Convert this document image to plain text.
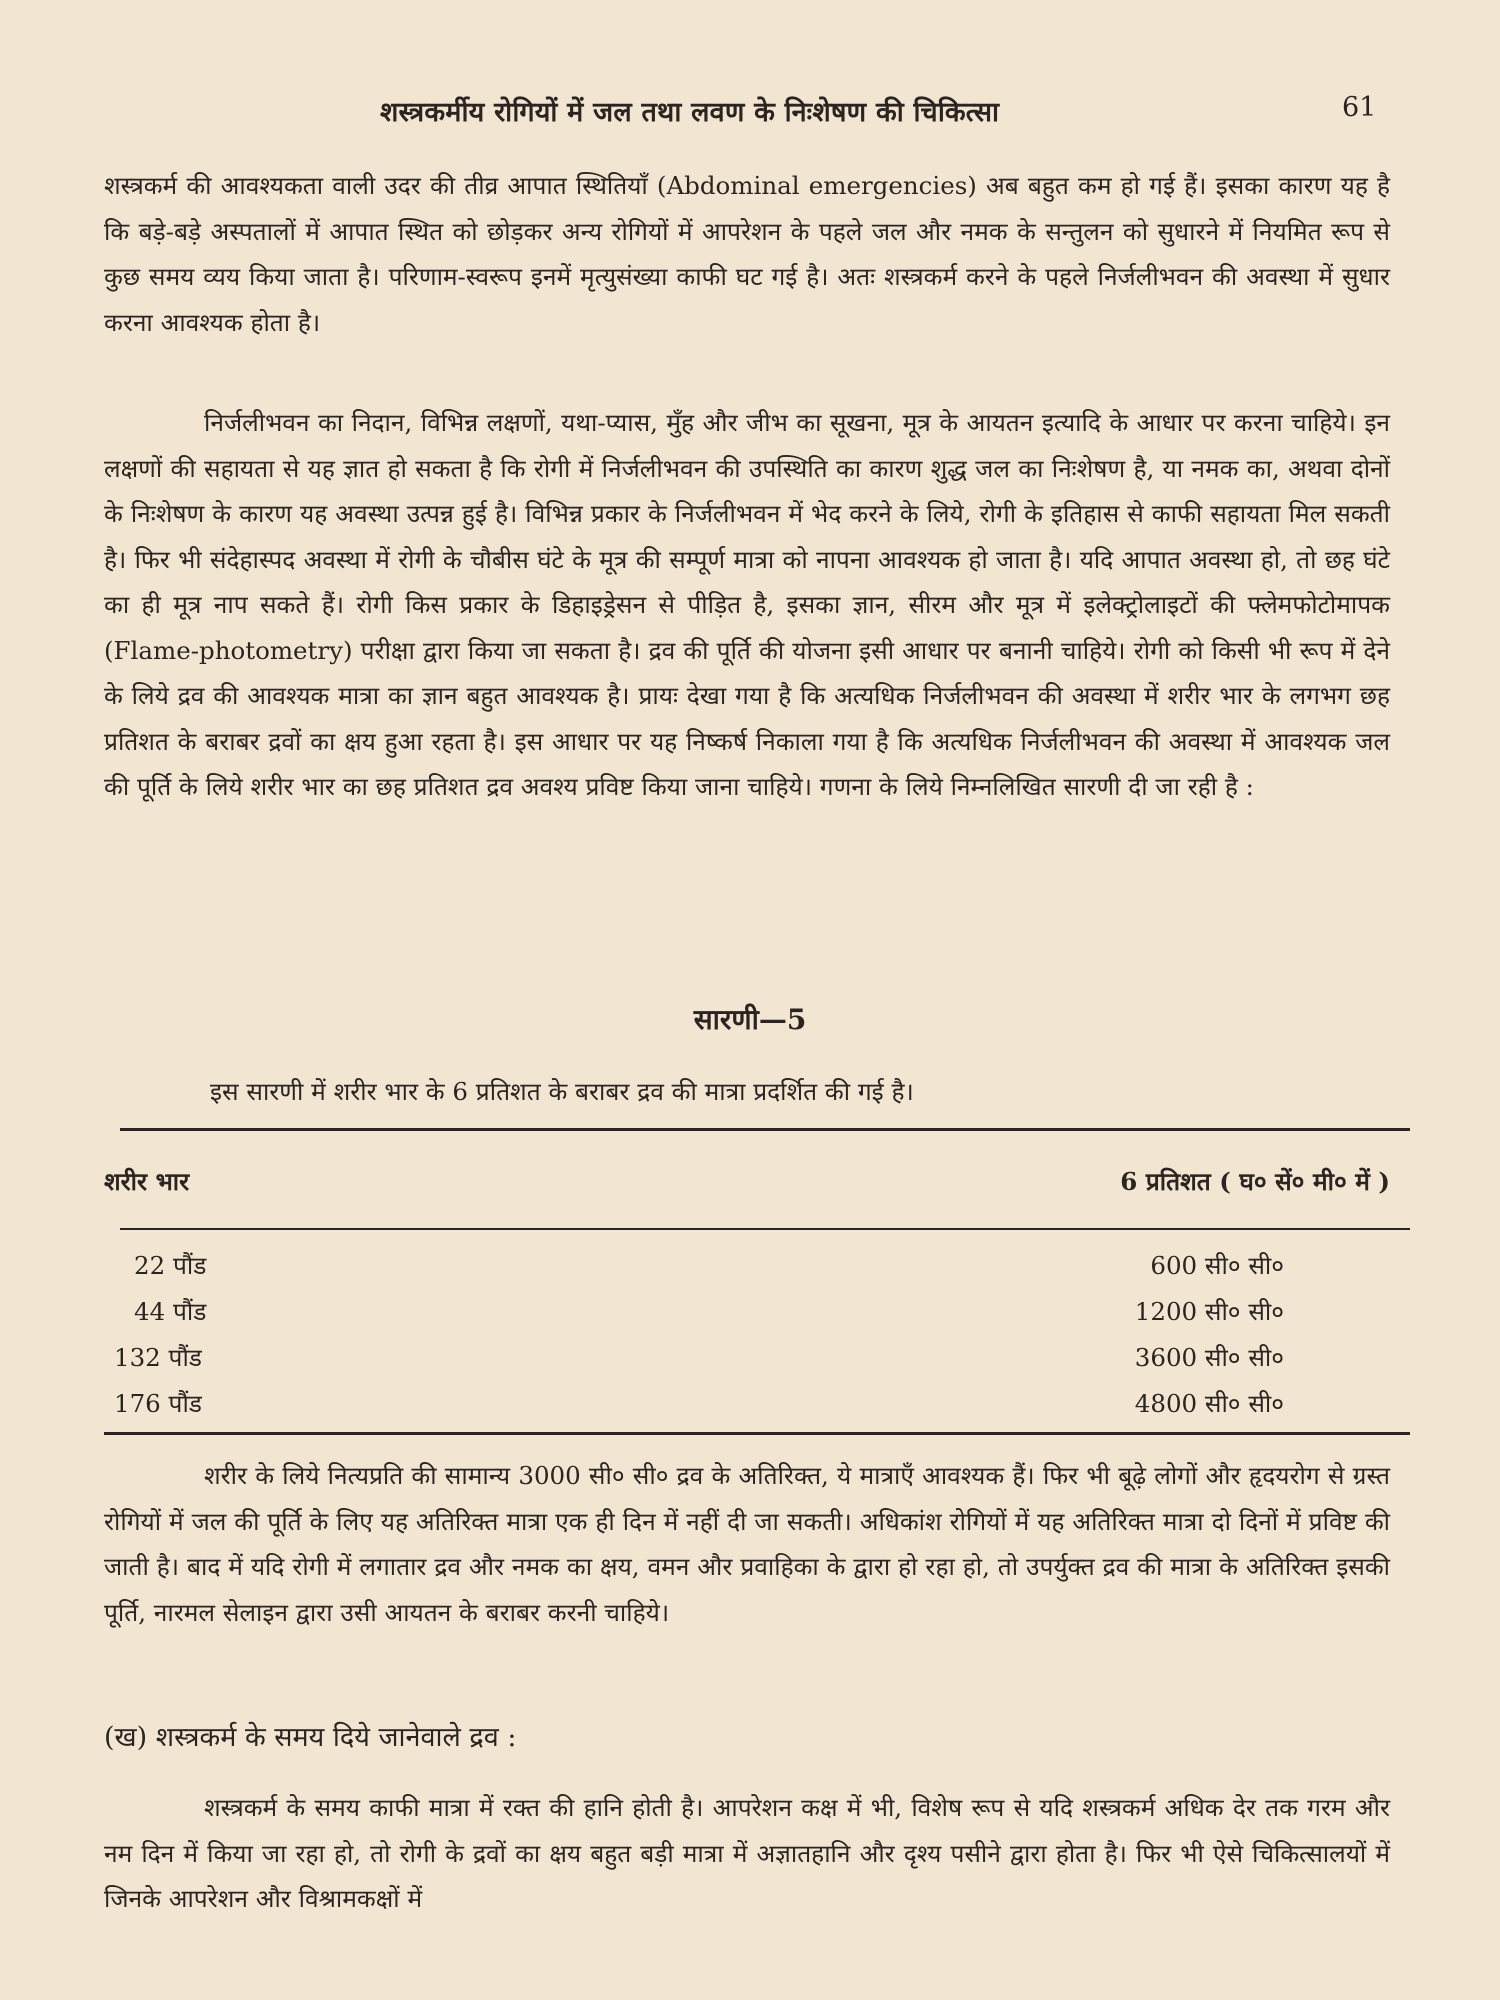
शस्त्रकर्मीय रोगियों में जल तथा लवण के निःशेषण की चिकित्सा	61

शस्त्रकर्म की आवश्यकता वाली उदर की तीव्र आपात स्थितियाँ (Abdominal emergencies) अब बहुत कम हो गई हैं। इसका कारण यह है कि बड़े-बड़े अस्पतालों में आपात स्थित को छोड़कर अन्य रोगियों में आपरेशन के पहले जल और नमक के सन्तुलन को सुधारने में नियमित रूप से कुछ समय व्यय किया जाता है। परिणाम-स्वरूप इनमें मृत्युसंख्या काफी घट गई है। अतः शस्त्रकर्म करने के पहले निर्जलीभवन की अवस्था में सुधार करना आवश्यक होता है।

निर्जलीभवन का निदान, विभिन्न लक्षणों, यथा-प्यास, मुँह और जीभ का सूखना, मूत्र के आयतन इत्यादि के आधार पर करना चाहिये। इन लक्षणों की सहायता से यह ज्ञात हो सकता है कि रोगी में निर्जलीभवन की उपस्थिति का कारण शुद्ध जल का निःशेषण है, या नमक का, अथवा दोनों के निःशेषण के कारण यह अवस्था उत्पन्न हुई है। विभिन्न प्रकार के निर्जलीभवन में भेद करने के लिये, रोगी के इतिहास से काफी सहायता मिल सकती है। फिर भी संदेहास्पद अवस्था में रोगी के चौबीस घंटे के मूत्र की सम्पूर्ण मात्रा को नापना आवश्यक हो जाता है। यदि आपात अवस्था हो, तो छह घंटे का ही मूत्र नाप सकते हैं। रोगी किस प्रकार के डिहाइड्रेसन से पीड़ित है, इसका ज्ञान, सीरम और मूत्र में इलेक्ट्रोलाइटों की फ्लेमफोटोमापक (Flame-photometry) परीक्षा द्वारा किया जा सकता है। द्रव की पूर्ति की योजना इसी आधार पर बनानी चाहिये। रोगी को किसी भी रूप में देने के लिये द्रव की आवश्यक मात्रा का ज्ञान बहुत आवश्यक है। प्रायः देखा गया है कि अत्यधिक निर्जलीभवन की अवस्था में शरीर भार के लगभग छह प्रतिशत के बराबर द्रवों का क्षय हुआ रहता है। इस आधार पर यह निष्कर्ष निकाला गया है कि अत्यधिक निर्जलीभवन की अवस्था में आवश्यक जल की पूर्ति के लिये शरीर भार का छह प्रतिशत द्रव अवश्य प्रविष्ट किया जाना चाहिये। गणना के लिये निम्नलिखित सारणी दी जा रही है :

सारणी—5
इस सारणी में शरीर भार के 6 प्रतिशत के बराबर द्रव की मात्रा प्रदर्शित की गई है।
शरीर भार	6 प्रतिशत ( घ० सें० मी० में )
22 पौंड	600 सी० सी०
44 पौंड	1200 सी० सी०
132 पौंड	3600 सी० सी०
176 पौंड	4800 सी० सी०

शरीर के लिये नित्यप्रति की सामान्य 3000 सी० सी० द्रव के अतिरिक्त, ये मात्राएँ आवश्यक हैं। फिर भी बूढ़े लोगों और हृदयरोग से ग्रस्त रोगियों में जल की पूर्ति के लिए यह अतिरिक्त मात्रा एक ही दिन में नहीं दी जा सकती। अधिकांश रोगियों में यह अतिरिक्त मात्रा दो दिनों में प्रविष्ट की जाती है। बाद में यदि रोगी में लगातार द्रव और नमक का क्षय, वमन और प्रवाहिका के द्वारा हो रहा हो, तो उपर्युक्त द्रव की मात्रा के अतिरिक्त इसकी पूर्ति, नारमल सेलाइन द्वारा उसी आयतन के बराबर करनी चाहिये।

(ख) शस्त्रकर्म के समय दिये जानेवाले द्रव :

शस्त्रकर्म के समय काफी मात्रा में रक्त की हानि होती है। आपरेशन कक्ष में भी, विशेष रूप से यदि शस्त्रकर्म अधिक देर तक गरम और नम दिन में किया जा रहा हो, तो रोगी के द्रवों का क्षय बहुत बड़ी मात्रा में अज्ञातहानि और दृश्य पसीने द्वारा होता है। फिर भी ऐसे चिकित्सालयों में जिनके आपरेशन और विश्रामकक्षों में
